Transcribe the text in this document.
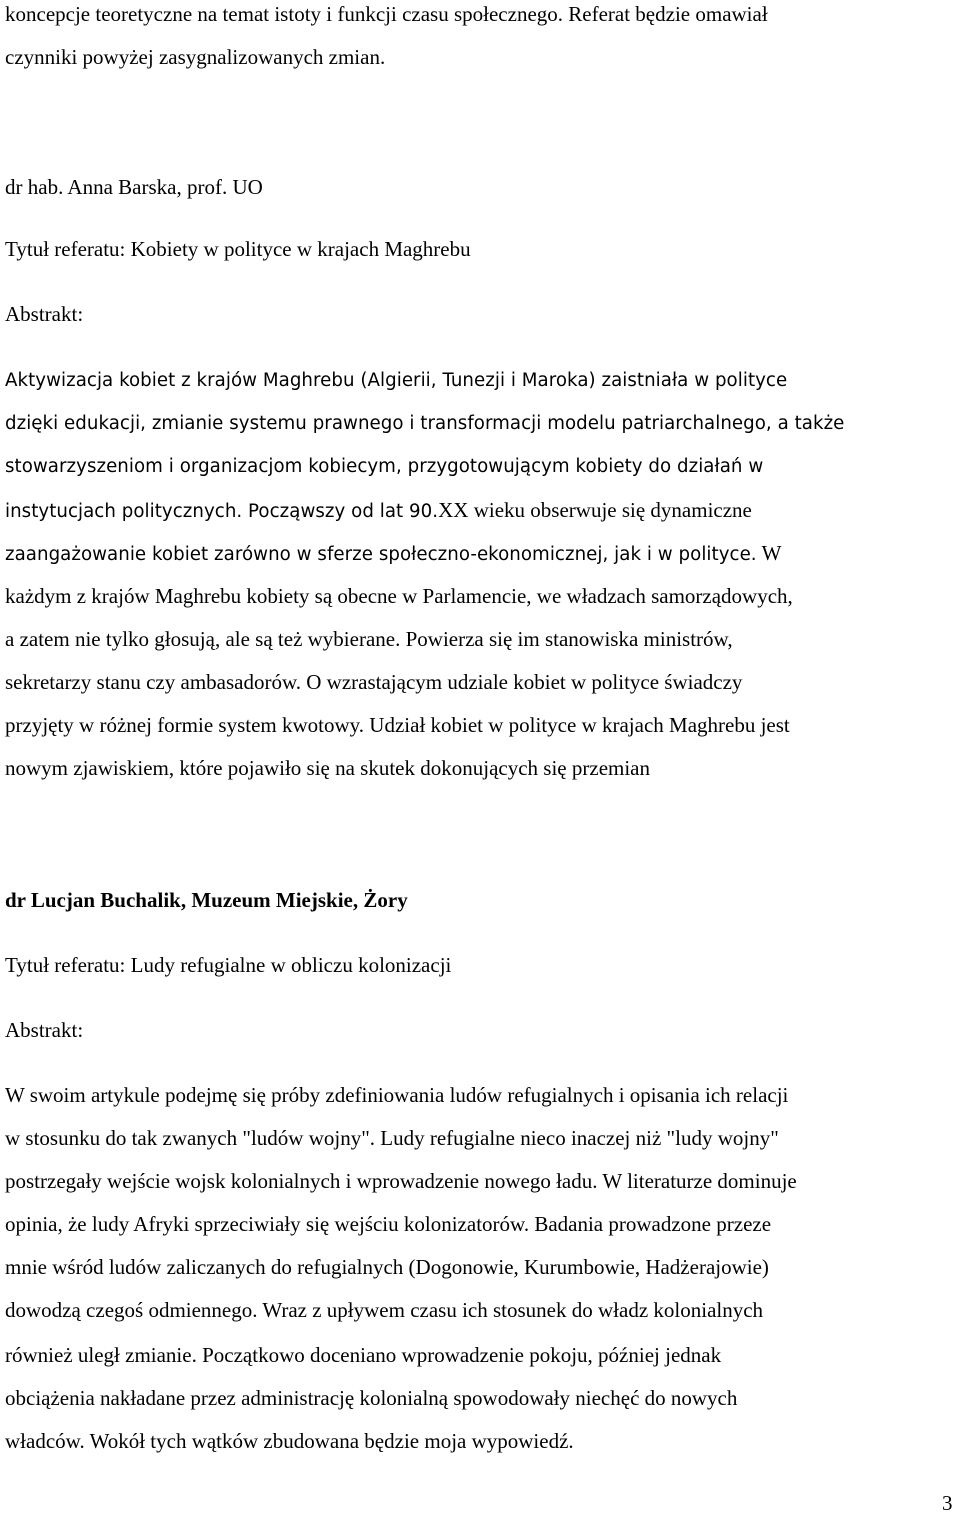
koncepcje teoretyczne na temat istoty i funkcji czasu społecznego. Referat będzie omawiał
czynniki powyżej zasygnalizowanych zmian.
dr hab. Anna Barska, prof. UO
Tytuł referatu: Kobiety w polityce w krajach Maghrebu
Abstrakt:
Aktywizacja kobiet z krajów Maghrebu (Algierii, Tunezji i Maroka) zaistniała w polityce
dzięki edukacji, zmianie systemu prawnego i transformacji modelu patriarchalnego, a także
stowarzyszeniom i organizacjom kobiecym, przygotowującym kobiety do działań w
instytucjach politycznych. Począwszy od lat 90.XX wieku obserwuje się dynamiczne
zaangażowanie kobiet zarówno w sferze społeczno-ekonomicznej, jak i w polityce. W
każdym z krajów Maghrebu kobiety są obecne w Parlamencie, we władzach samorządowych,
a zatem nie tylko głosują, ale są też wybierane. Powierza się im stanowiska ministrów,
sekretarzy stanu czy ambasadorów. O wzrastającym udziale kobiet w polityce świadczy
przyjęty w różnej formie system kwotowy. Udział kobiet w polityce w krajach Maghrebu jest
nowym zjawiskiem, które pojawiło się na skutek dokonujących się przemian
dr Lucjan Buchalik, Muzeum Miejskie, Żory
Tytuł referatu: Ludy refugialne w obliczu kolonizacji
Abstrakt:
W swoim artykule podejmę się próby zdefiniowania ludów refugialnych i opisania ich relacji
w stosunku do tak zwanych "ludów wojny". Ludy refugialne nieco inaczej niż "ludy wojny"
postrzegały wejście wojsk kolonialnych i wprowadzenie nowego ładu. W literaturze dominuje
opinia, że ludy Afryki sprzeciwiały się wejściu kolonizatorów. Badania prowadzone przeze
mnie wśród ludów zaliczanych do refugialnych (Dogonowie, Kurumbowie, Hadżerajowie)
dowodzą czegoś odmiennego. Wraz z upływem czasu ich stosunek do władz kolonialnych
również uległ zmianie. Początkowo doceniano wprowadzenie pokoju, później jednak
obciążenia nakładane przez administrację kolonialną spowodowały niechęć do nowych
władców. Wokół tych wątków zbudowana będzie moja wypowiedź.
3
